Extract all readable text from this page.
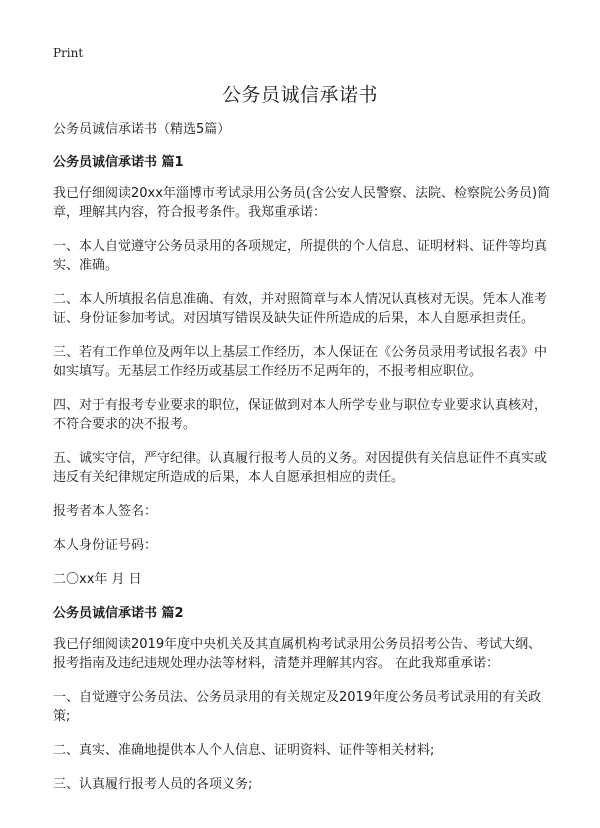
Print
公务员诚信承诺书

公务员诚信承诺书（精选5篇）

公务员诚信承诺书 篇1

我已仔细阅读20xx年淄博市考试录用公务员(含公安人民警察、法院、检察院公务员)简章，理解其内容，符合报考条件。我郑重承诺：

一、本人自觉遵守公务员录用的各项规定，所提供的个人信息、证明材料、证件等均真实、准确。

二、本人所填报名信息准确、有效，并对照简章与本人情况认真核对无误。凭本人准考证、身份证参加考试。对因填写错误及缺失证件所造成的后果，本人自愿承担责任。

三、若有工作单位及两年以上基层工作经历，本人保证在《公务员录用考试报名表》中如实填写。无基层工作经历或基层工作经历不足两年的，不报考相应职位。

四、对于有报考专业要求的职位，保证做到对本人所学专业与职位专业要求认真核对，不符合要求的决不报考。

五、诚实守信，严守纪律。认真履行报考人员的义务。对因提供有关信息证件不真实或违反有关纪律规定所造成的后果，本人自愿承担相应的责任。

报考者本人签名：

本人身份证号码：

二〇xx年 月 日

公务员诚信承诺书 篇2

我已仔细阅读2019年度中央机关及其直属机构考试录用公务员招考公告、考试大纲、报考指南及违纪违规处理办法等材料，清楚并理解其内容。 在此我郑重承诺：

一、自觉遵守公务员法、公务员录用的有关规定及2019年度公务员考试录用的有关政策;

二、真实、准确地提供本人个人信息、证明资料、证件等相关材料;

三、认真履行报考人员的各项义务;
